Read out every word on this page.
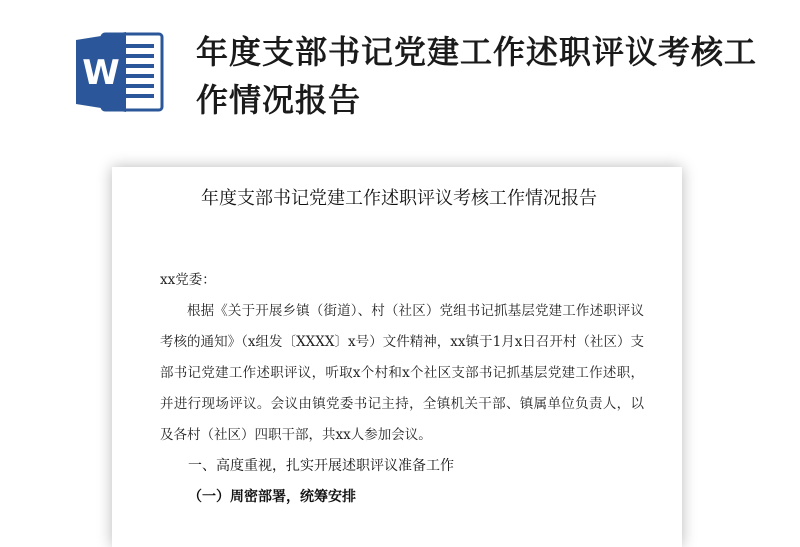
W
年度支部书记党建工作述职评议考核工作情况报告
年度支部书记党建工作述职评议考核工作情况报告

xx党委：

根据《关于开展乡镇（街道）、村（社区）党组书记抓基层党建工作述职评议考核的通知》（x组发〔XXXX〕x号）文件精神，xx镇于1月x日召开村（社区）支部书记党建工作述职评议，听取x个村和x个社区支部书记抓基层党建工作述职，并进行现场评议。会议由镇党委书记主持，全镇机关干部、镇属单位负责人，以及各村（社区）四职干部，共xx人参加会议。

一、高度重视，扎实开展述职评议准备工作

（一）周密部署，统筹安排
